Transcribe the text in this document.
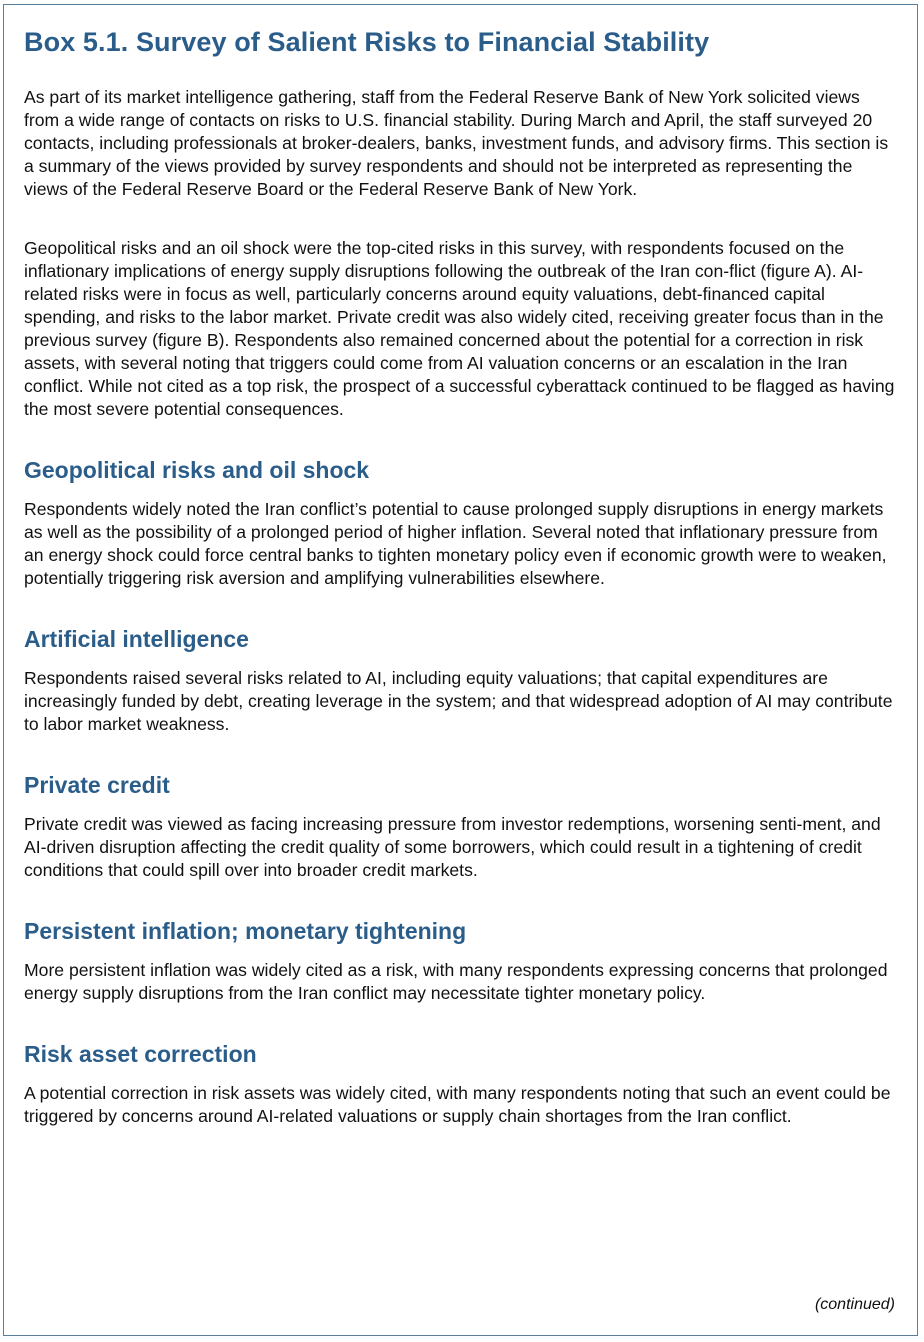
Box 5.1. Survey of Salient Risks to Financial Stability

As part of its market intelligence gathering, staff from the Federal Reserve Bank of New York solicited views from a wide range of contacts on risks to U.S. financial stability. During March and April, the staff surveyed 20 contacts, including professionals at broker-dealers, banks, investment funds, and advisory firms. This section is a summary of the views provided by survey respondents and should not be interpreted as representing the views of the Federal Reserve Board or the Federal Reserve Bank of New York.

Geopolitical risks and an oil shock were the top-cited risks in this survey, with respondents focused on the inflationary implications of energy supply disruptions following the outbreak of the Iran con-flict (figure A). AI-related risks were in focus as well, particularly concerns around equity valuations, debt-financed capital spending, and risks to the labor market. Private credit was also widely cited, receiving greater focus than in the previous survey (figure B). Respondents also remained concerned about the potential for a correction in risk assets, with several noting that triggers could come from AI valuation concerns or an escalation in the Iran conflict. While not cited as a top risk, the prospect of a successful cyberattack continued to be flagged as having the most severe potential consequences.

Geopolitical risks and oil shock

Respondents widely noted the Iran conflict’s potential to cause prolonged supply disruptions in energy markets as well as the possibility of a prolonged period of higher inflation. Several noted that inflationary pressure from an energy shock could force central banks to tighten monetary policy even if economic growth were to weaken, potentially triggering risk aversion and amplifying vulnerabilities elsewhere.

Artificial intelligence

Respondents raised several risks related to AI, including equity valuations; that capital expenditures are increasingly funded by debt, creating leverage in the system; and that widespread adoption of AI may contribute to labor market weakness.

Private credit

Private credit was viewed as facing increasing pressure from investor redemptions, worsening senti-ment, and AI-driven disruption affecting the credit quality of some borrowers, which could result in a tightening of credit conditions that could spill over into broader credit markets.

Persistent inflation; monetary tightening

More persistent inflation was widely cited as a risk, with many respondents expressing concerns that prolonged energy supply disruptions from the Iran conflict may necessitate tighter monetary policy.

Risk asset correction

A potential correction in risk assets was widely cited, with many respondents noting that such an event could be triggered by concerns around AI-related valuations or supply chain shortages from the Iran conflict.

(continued)
